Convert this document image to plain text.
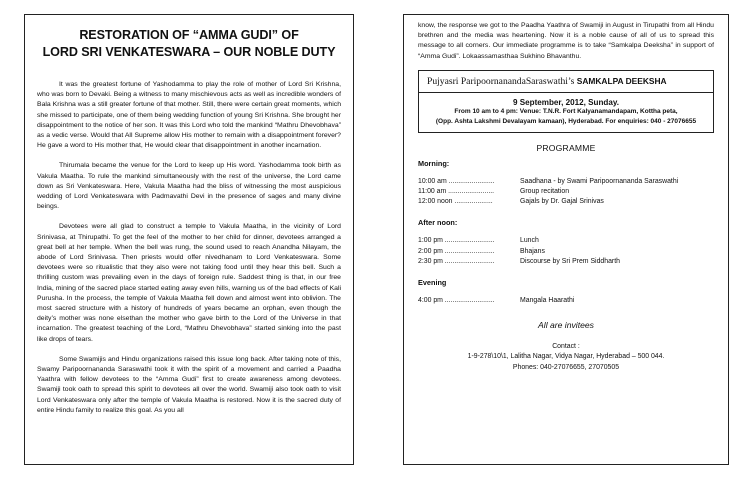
RESTORATION OF “AMMA GUDI” OF
LORD SRI VENKATESWARA – OUR NOBLE DUTY

It was the greatest fortune of Yashodamma to play the role of mother of Lord Sri Krishna, who was born to Devaki. Being a witness to many mischievous acts as well as incredible wonders of Bala Krishna was a still greater fortune of that mother. Still, there were certain great moments, which she missed to participate, one of them being wedding function of young Sri Krishna. She brought her disappointment to the notice of her son. It was this Lord who told the mankind “Mathru Dhevobhava” as a vedic verse. Would that All Supreme allow His mother to remain with a disappointment forever? He gave a word to His mother that, He would clear that disappointment in another incarnation.

Thirumala became the venue for the Lord to keep up His word. Yashodamma took birth as Vakula Maatha. To rule the mankind simultaneously with the rest of the universe, the Lord came down as Sri Venkateswara. Here, Vakula Maatha had the bliss of witnessing the most auspicious wedding of Lord Venkateswara with Padmavathi Devi in the presence of sages and many divine beings.

Devotees were all glad to construct a temple to Vakula Maatha, in the vicinity of Lord Srinivasa, at Thirupathi. To get the feel of the mother to her child for dinner, devotees arranged a great bell at her temple. When the bell was rung, the sound used to reach Anandha Nilayam, the abode of Lord Srinivasa. Then priests would offer nivedhanam to Lord Venkateswara. Some devotees were so ritualistic that they also were not taking food until they hear this bell. Such a thrilling custom was prevailing even in the days of foreign rule. Saddest thing is that, in our free India, mining of the sacred place started eating away even hills, warning us of the bad effects of Kali Purusha. In the process, the temple of Vakula Maatha fell down and almost went into oblivion. The most sacred structure with a history of hundreds of years became an orphan, even though the deity’s mother was none elsethan the mother who gave birth to the Lord of the Universe in that incarnation. The greatest teaching of the Lord, “Mathru Dhevobhava” started sinking into the past like drops of tears.

Some Swamijis and Hindu organizations raised this issue long back. After taking note of this, Swamy Paripoornananda Saraswathi took it with the spirit of a movement and carried a Paadha Yaathra with fellow devotees to the “Amma Gudi” first to create awareness among devotees. Swamiji took oath to spread this spirit to devotees all over the world. Swamiji also took oath to visit Lord Venkateswara only after the temple of Vakula Maatha is restored. Now it is the sacred duty of entire Hindu family to realize this goal. As you all

know, the response we got to the Paadha Yaathra of Swamiji in August in Tirupathi from all Hindu brethren and the media was heartening. Now it is a noble cause of all of us to spread this message to all corners. Our immediate programme is to take “Samkalpa Deeksha” in support of “Amma Gudi”. Lokaassamasthaa Sukhino Bhavanthu.

Pujyasri ParipoornanandaSaraswathi’s SAMKALPA DEEKSHA
9 September, 2012, Sunday.
From 10 am to 4 pm: Venue: T.N.R. Fort Kalyanamandapam, Kottha peta,
(Opp. Ashta Lakshmi Devalayam kamaan), Hyderabad. For enquiries: 040 - 27076655
PROGRAMME
Morning:
10:00 am ........................	Saadhana - by Swami Paripoornananda Saraswathi
11:00 am ........................	Group recitation
12:00 noon ....................	Gajals by Dr. Gajal Srinivas
After noon:
1:00 pm ..........................	Lunch
2:00 pm ..........................	Bhajans
2:30 pm ..........................	Discourse by Sri Prem Siddharth
Evening
4:00 pm ..........................	Mangala Haarathi
All are invitees
Contact :
1-9-278\10\1, Lalitha Nagar, Vidya Nagar, Hyderabad – 500 044.
Phones: 040-27076655, 27070505
